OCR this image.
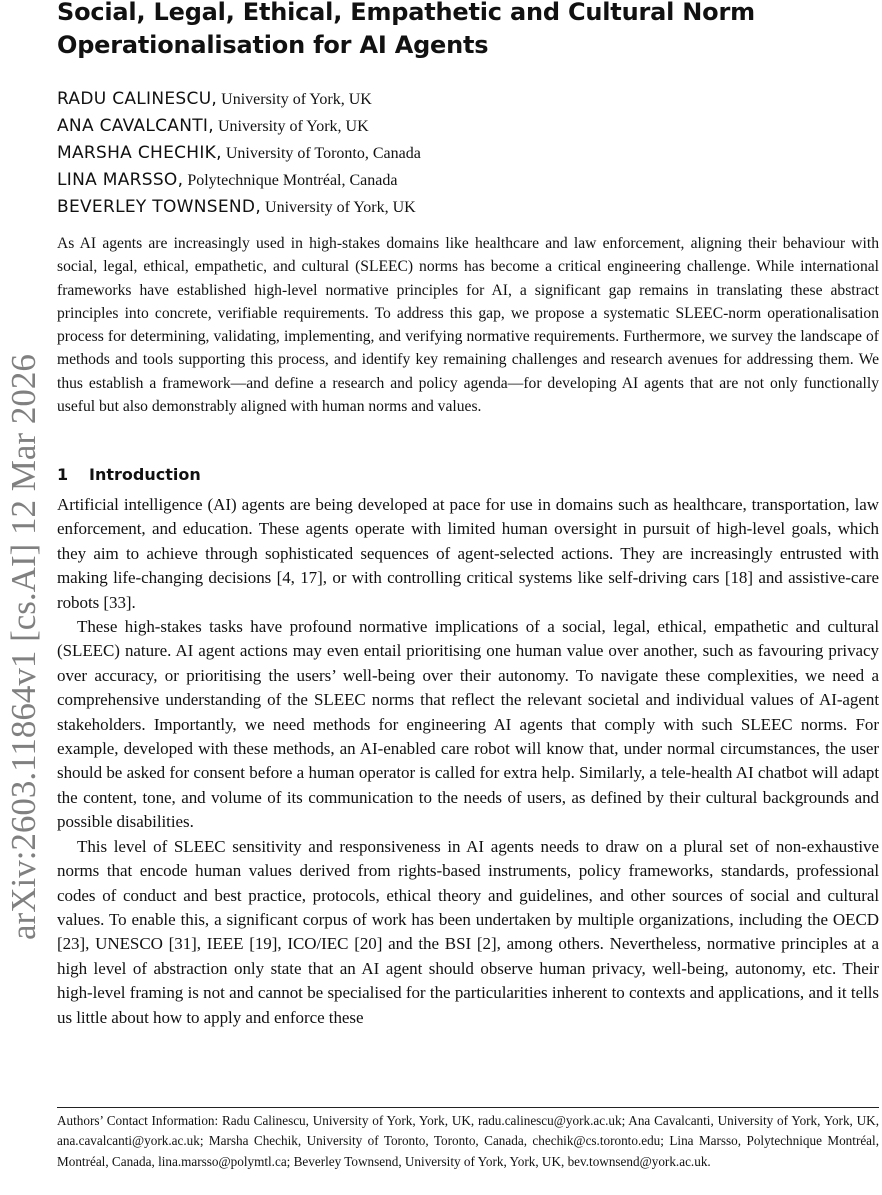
arXiv:2603.11864v1 [cs.AI] 12 Mar 2026
Social, Legal, Ethical, Empathetic and Cultural Norm
Operationalisation for AI Agents
RADU CALINESCU, University of York, UK
ANA CAVALCANTI, University of York, UK
MARSHA CHECHIK, University of Toronto, Canada
LINA MARSSO, Polytechnique Montréal, Canada
BEVERLEY TOWNSEND, University of York, UK

As AI agents are increasingly used in high-stakes domains like healthcare and law enforcement, aligning their behaviour with social, legal, ethical, empathetic, and cultural (SLEEC) norms has become a critical engineering challenge. While international frameworks have established high-level normative principles for AI, a significant gap remains in translating these abstract principles into concrete, verifiable requirements. To address this gap, we propose a systematic SLEEC-norm operationalisation process for determining, validating, implementing, and verifying normative requirements. Furthermore, we survey the landscape of methods and tools supporting this process, and identify key remaining challenges and research avenues for addressing them. We thus establish a framework—and define a research and policy agenda—for developing AI agents that are not only functionally useful but also demonstrably aligned with human norms and values.

1 Introduction

Artificial intelligence (AI) agents are being developed at pace for use in domains such as healthcare, transportation, law enforcement, and education. These agents operate with limited human oversight in pursuit of high-level goals, which they aim to achieve through sophisticated sequences of agent-selected actions. They are increasingly entrusted with making life-changing decisions [4, 17], or with controlling critical systems like self-driving cars [18] and assistive-care robots [33].

These high-stakes tasks have profound normative implications of a social, legal, ethical, empathetic and cultural (SLEEC) nature. AI agent actions may even entail prioritising one human value over another, such as favouring privacy over accuracy, or prioritising the users’ well-being over their autonomy. To navigate these complexities, we need a comprehensive understanding of the SLEEC norms that reflect the relevant societal and individual values of AI-agent stakeholders. Importantly, we need methods for engineering AI agents that comply with such SLEEC norms. For example, developed with these methods, an AI-enabled care robot will know that, under normal circumstances, the user should be asked for consent before a human operator is called for extra help. Similarly, a tele-health AI chatbot will adapt the content, tone, and volume of its communication to the needs of users, as defined by their cultural backgrounds and possible disabilities.

This level of SLEEC sensitivity and responsiveness in AI agents needs to draw on a plural set of non-exhaustive norms that encode human values derived from rights-based instruments, policy frameworks, standards, professional codes of conduct and best practice, protocols, ethical theory and guidelines, and other sources of social and cultural values. To enable this, a significant corpus of work has been undertaken by multiple organizations, including the OECD [23], UNESCO [31], IEEE [19], ICO/IEC [20] and the BSI [2], among others. Nevertheless, normative principles at a high level of abstraction only state that an AI agent should observe human privacy, well-being, autonomy, etc. Their high-level framing is not and cannot be specialised for the particularities inherent to contexts and applications, and it tells us little about how to apply and enforce these

Authors’ Contact Information: Radu Calinescu, University of York, York, UK, radu.calinescu@york.ac.uk; Ana Cavalcanti, University of York, York, UK, ana.cavalcanti@york.ac.uk; Marsha Chechik, University of Toronto, Toronto, Canada, chechik@cs.toronto.edu; Lina Marsso, Polytechnique Montréal, Montréal, Canada, lina.marsso@polymtl.ca; Beverley Townsend, University of York, York, UK, bev.townsend@york.ac.uk.
